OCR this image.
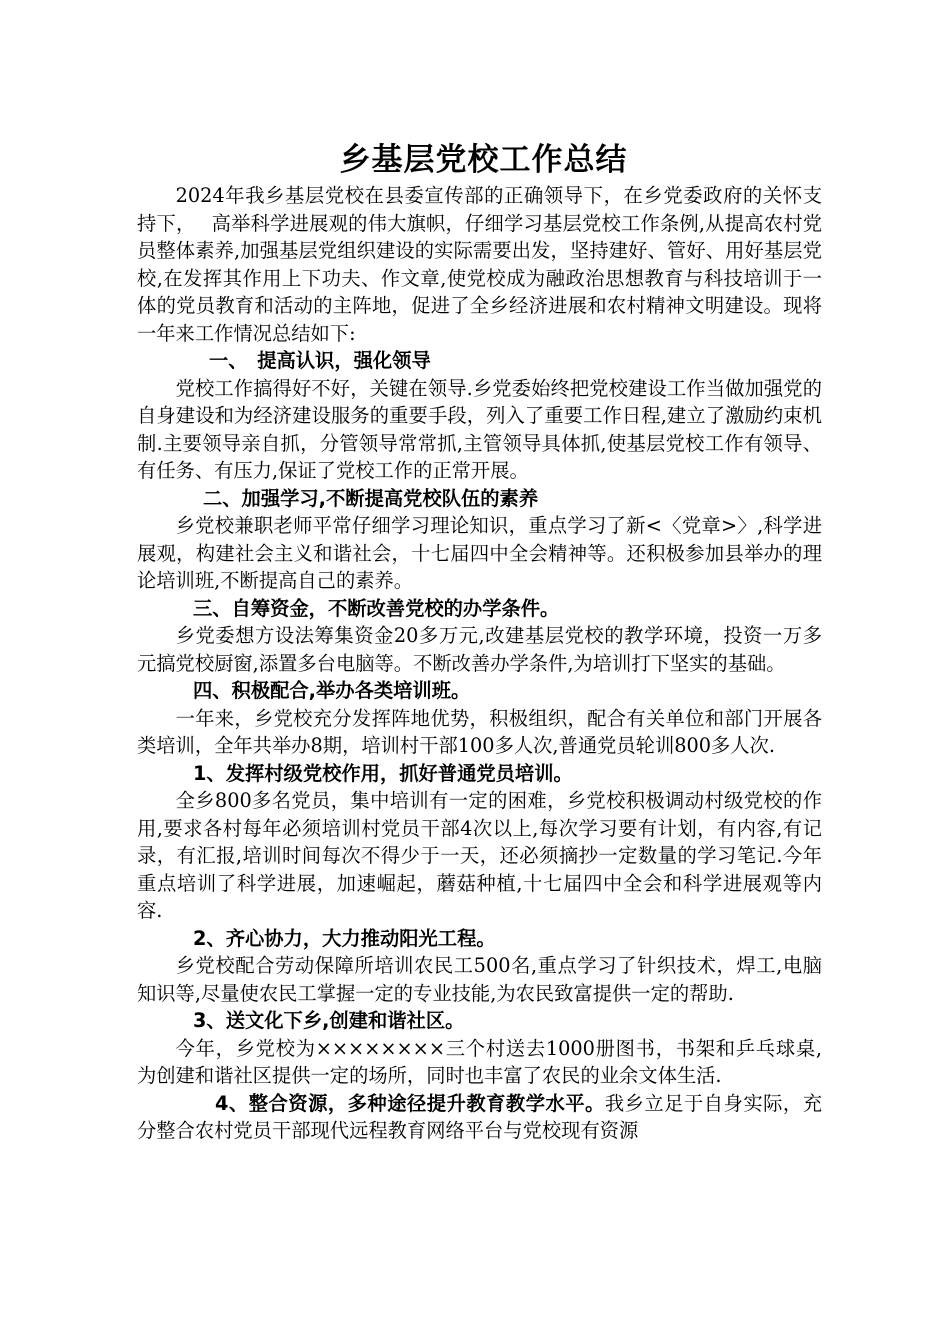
乡基层党校工作总结

2024年我乡基层党校在县委宣传部的正确领导下，在乡党委政府的关怀支持下，　 高举科学进展观的伟大旗帜，仔细学习基层党校工作条例,从提高农村党员整体素养,加强基层党组织建设的实际需要出发，坚持建好、管好、用好基层党校,在发挥其作用上下功夫、作文章,使党校成为融政治思想教育与科技培训于一体的党员教育和活动的主阵地，促进了全乡经济进展和农村精神文明建设。现将一年来工作情况总结如下:

一、　提高认识，强化领导

党校工作搞得好不好，关键在领导.乡党委始终把党校建设工作当做加强党的自身建设和为经济建设服务的重要手段，列入了重要工作日程,建立了激励约束机制.主要领导亲自抓，分管领导常常抓,主管领导具体抓,使基层党校工作有领导、有任务、有压力,保证了党校工作的正常开展。

二、加强学习,不断提高党校队伍的素养

乡党校兼职老师平常仔细学习理论知识，重点学习了新<〈党章>〉,科学进展观，构建社会主义和谐社会，十七届四中全会精神等。还积极参加县举办的理论培训班,不断提高自己的素养。

三、自筹资金，不断改善党校的办学条件。

乡党委想方设法筹集资金20多万元,改建基层党校的教学环境，投资一万多元搞党校厨窗,添置多台电脑等。不断改善办学条件,为培训打下坚实的基础。

四、积极配合,举办各类培训班。

一年来，乡党校充分发挥阵地优势，积极组织，配合有关单位和部门开展各类培训，全年共举办8期，培训村干部100多人次,普通党员轮训800多人次.

1、发挥村级党校作用，抓好普通党员培训。

全乡800多名党员，集中培训有一定的困难，乡党校积极调动村级党校的作用,要求各村每年必须培训村党员干部4次以上,每次学习要有计划，有内容,有记录，有汇报,培训时间每次不得少于一天，还必须摘抄一定数量的学习笔记.今年重点培训了科学进展，加速崛起，蘑菇种植,十七届四中全会和科学进展观等内容.

2、齐心协力，大力推动阳光工程。

乡党校配合劳动保障所培训农民工500名,重点学习了针织技术，焊工,电脑知识等,尽量使农民工掌握一定的专业技能,为农民致富提供一定的帮助.

3、送文化下乡,创建和谐社区。

今年，乡党校为××××××××三个村送去1000册图书，书架和乒乓球桌,为创建和谐社区提供一定的场所，同时也丰富了农民的业余文体生活.

4、整合资源，多种途径提升教育教学水平。我乡立足于自身实际，充分整合农村党员干部现代远程教育网络平台与党校现有资源
